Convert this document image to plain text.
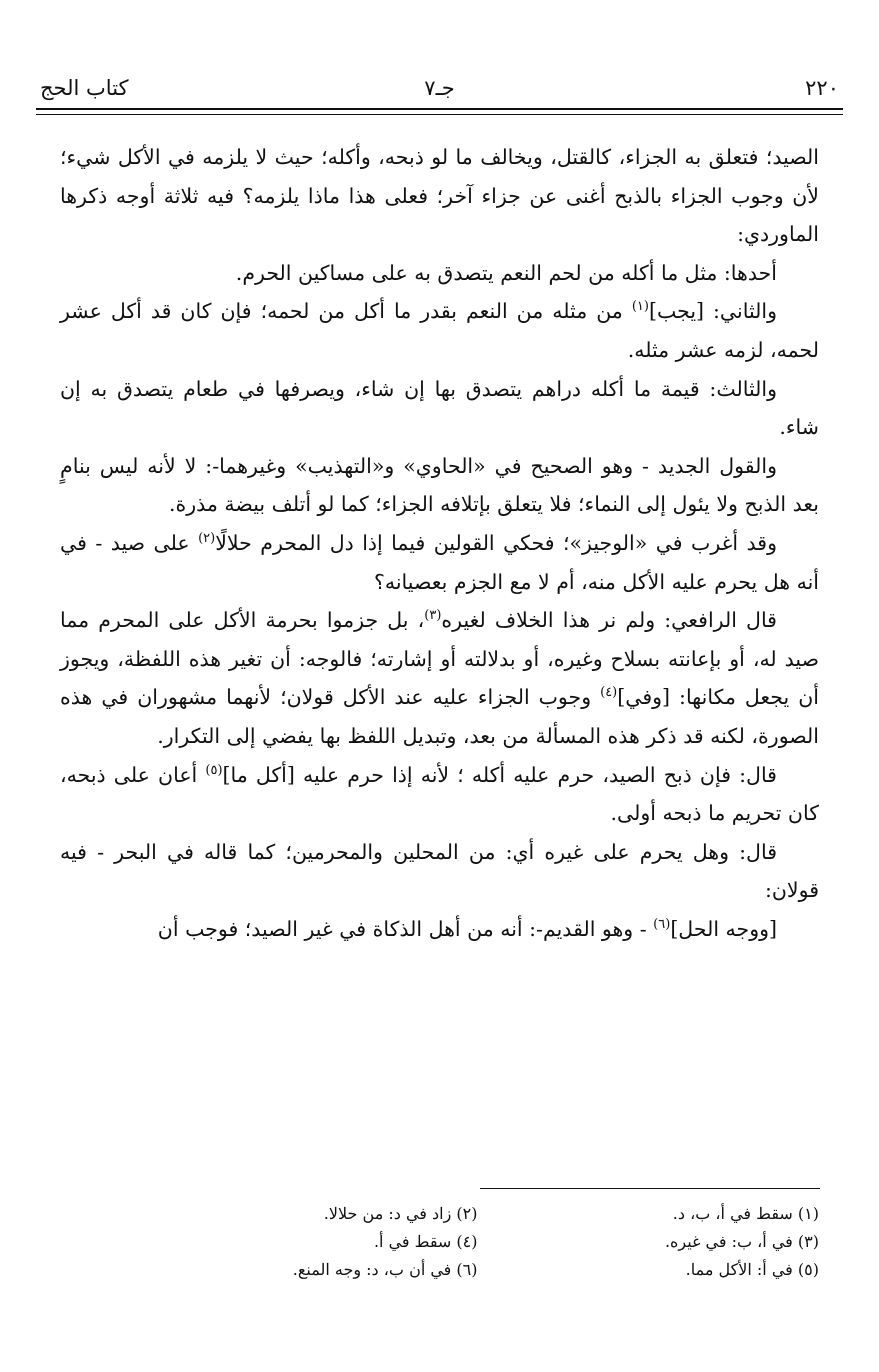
٢٢٠
جـ٧
كتاب الحج

الصيد؛ فتعلق به الجزاء، كالقتل، ويخالف ما لو ذبحه، وأكله؛ حيث لا يلزمه في الأكل شيء؛ لأن وجوب الجزاء بالذبح أغنى عن جزاء آخر؛ فعلى هذا ماذا يلزمه؟ فيه ثلاثة أوجه ذكرها الماوردي:

أحدها: مثل ما أكله من لحم النعم يتصدق به على مساكين الحرم.

والثاني: [يجب]$^{(١)}$ من مثله من النعم بقدر ما أكل من لحمه؛ فإن كان قد أكل عشر لحمه، لزمه عشر مثله.

والثالث: قيمة ما أكله دراهم يتصدق بها إن شاء، ويصرفها في طعام يتصدق به إن شاء.

والقول الجديد - وهو الصحيح في «الحاوي» و«التهذيب» وغيرهما-: لا لأنه ليس بنامٍ بعد الذبح ولا يئول إلى النماء؛ فلا يتعلق بإتلافه الجزاء؛ كما لو أتلف بيضة مذرة.

وقد أغرب في «الوجيز»؛ فحكي القولين فيما إذا دل المحرم حلالًا$^{(٢)}$ على صيد - في أنه هل يحرم عليه الأكل منه، أم لا مع الجزم بعصيانه؟

قال الرافعي: ولم نر هذا الخلاف لغيره$^{(٣)}$، بل جزموا بحرمة الأكل على المحرم مما صيد له، أو بإعانته بسلاح وغيره، أو بدلالته أو إشارته؛ فالوجه: أن تغير هذه اللفظة، ويجوز أن يجعل مكانها: [وفي]$^{(٤)}$ وجوب الجزاء عليه عند الأكل قولان؛ لأنهما مشهوران في هذه الصورة، لكنه قد ذكر هذه المسألة من بعد، وتبديل اللفظ بها يفضي إلى التكرار.

قال: فإن ذبح الصيد، حرم عليه أكله ؛ لأنه إذا حرم عليه [أكل ما]$^{(٥)}$ أعان على ذبحه، كان تحريم ما ذبحه أولى.

قال: وهل يحرم على غيره أي: من المحلين والمحرمين؛ كما قاله في البحر - فيه قولان:

[ووجه الحل]$^{(٦)}$ - وهو القديم-: أنه من أهل الذكاة في غير الصيد؛ فوجب أن

(١) سقط في أ، ب، د.
(٢) زاد في د: من حلالا.
(٣) في أ، ب: في غيره.
(٤) سقط في أ.
(٥) في أ: الأكل مما.
(٦) في أن ب، د: وجه المنع.
